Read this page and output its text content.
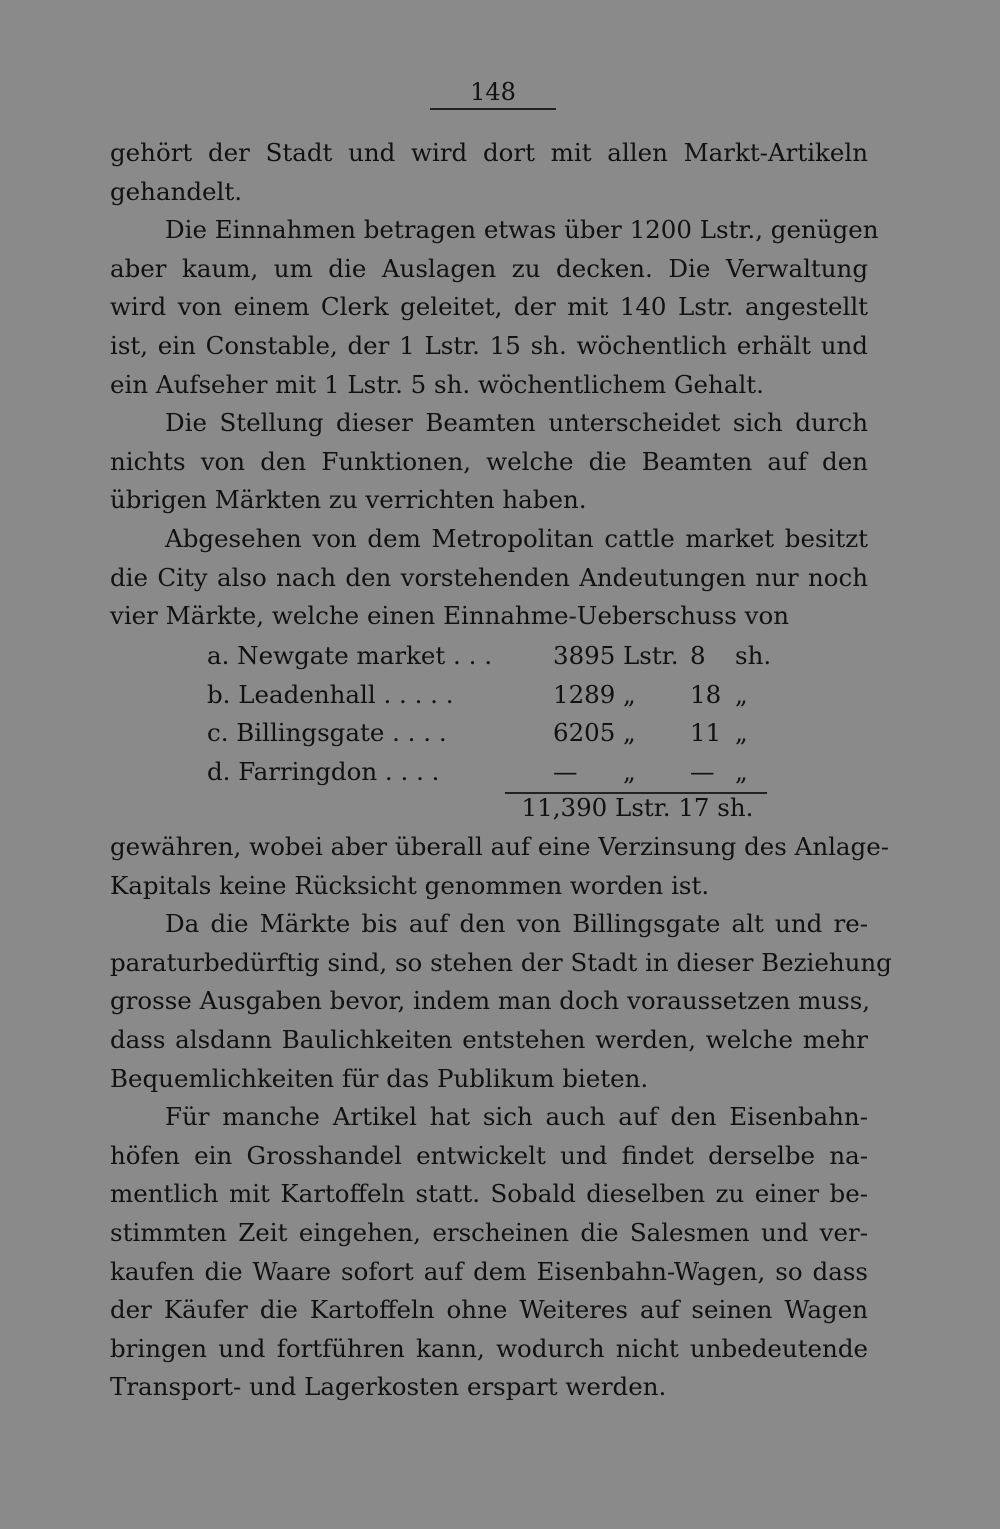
148
gehört der Stadt und wird dort mit allen Markt-Artikeln
gehandelt.
Die Einnahmen betragen etwas über 1200 Lstr., genügen
aber kaum, um die Auslagen zu decken. Die Verwaltung
wird von einem Clerk geleitet, der mit 140 Lstr. angestellt
ist, ein Constable, der 1 Lstr. 15 sh. wöchentlich erhält und
ein Aufseher mit 1 Lstr. 5 sh. wöchentlichem Gehalt.
Die Stellung dieser Beamten unterscheidet sich durch
nichts von den Funktionen, welche die Beamten auf den
übrigen Märkten zu verrichten haben.
Abgesehen von dem Metropolitan cattle market besitzt
die City also nach den vorstehenden Andeutungen nur noch
vier Märkte, welche einen Einnahme-Ueberschuss von
a. Newgate market . . . 3895 Lstr. 8 sh.
b. Leadenhall . . . . .	1289 „ 18 „
c. Billingsgate . . . .	6205 „ 11 „
d. Farringdon . . . .	— „ — „
11,390 Lstr. 17 sh.
gewähren, wobei aber überall auf eine Verzinsung des Anlage-
Kapitals keine Rücksicht genommen worden ist.
Da die Märkte bis auf den von Billingsgate alt und re-
paraturbedürftig sind, so stehen der Stadt in dieser Beziehung
grosse Ausgaben bevor, indem man doch voraussetzen muss,
dass alsdann Baulichkeiten entstehen werden, welche mehr
Bequemlichkeiten für das Publikum bieten.
Für manche Artikel hat sich auch auf den Eisenbahn-
höfen ein Grosshandel entwickelt und findet derselbe na-
mentlich mit Kartoffeln statt. Sobald dieselben zu einer be-
stimmten Zeit eingehen, erscheinen die Salesmen und ver-
kaufen die Waare sofort auf dem Eisenbahn-Wagen, so dass
der Käufer die Kartoffeln ohne Weiteres auf seinen Wagen
bringen und fortführen kann, wodurch nicht unbedeutende
Transport- und Lagerkosten erspart werden.
